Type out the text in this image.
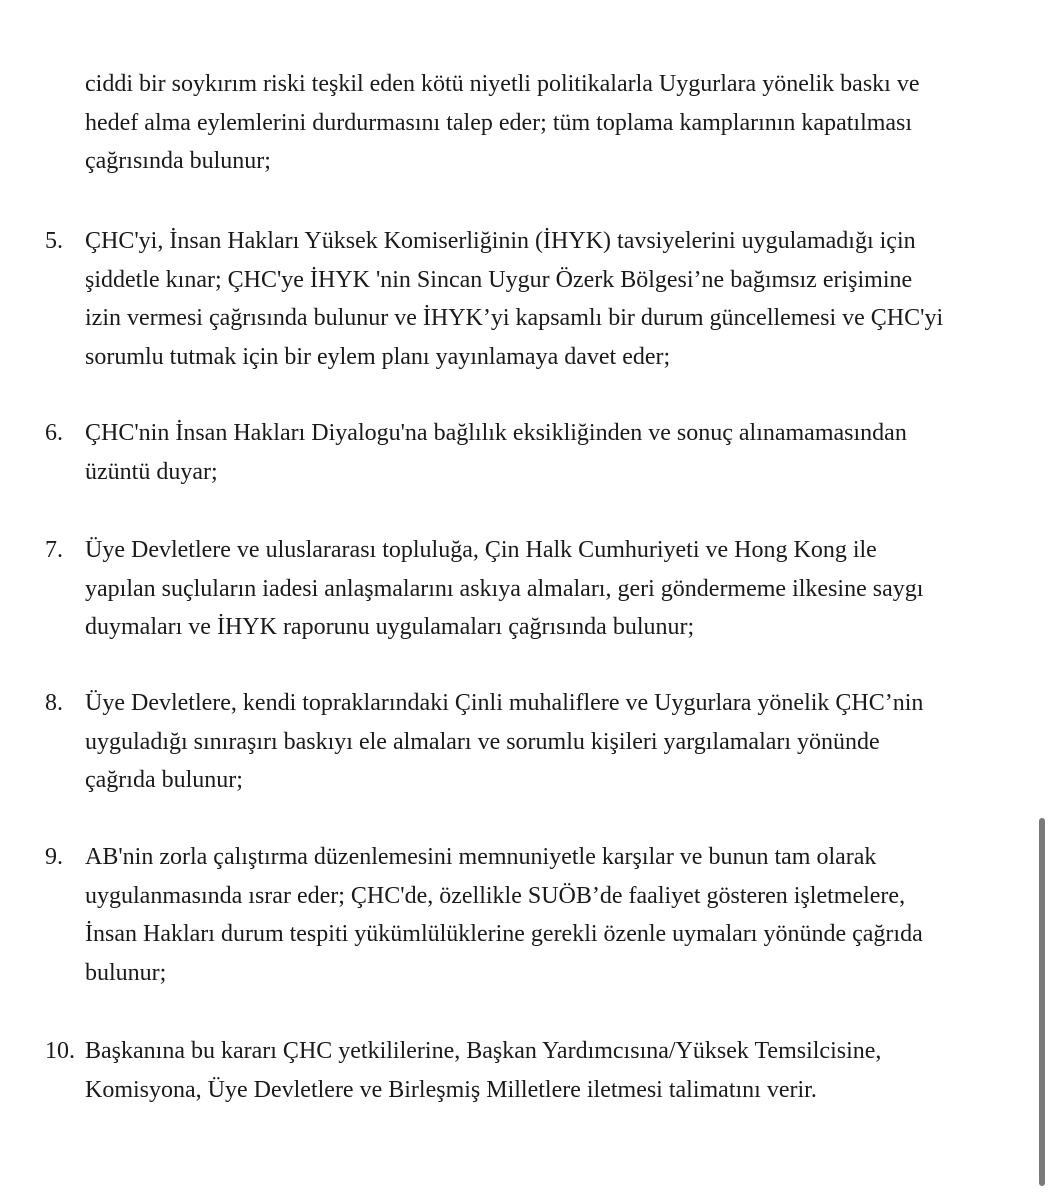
ciddi bir soykırım riski teşkil eden kötü niyetli politikalarla Uygurlara yönelik baskı ve
hedef alma eylemlerini durdurmasını talep eder; tüm toplama kamplarının kapatılması
çağrısında bulunur;

5. ÇHC'yi, İnsan Hakları Yüksek Komiserliğinin (İHYK) tavsiyelerini uygulamadığı için
şiddetle kınar; ÇHC'ye İHYK 'nin Sincan Uygur Özerk Bölgesi’ne bağımsız erişimine
izin vermesi çağrısında bulunur ve İHYK’yi kapsamlı bir durum güncellemesi ve ÇHC'yi
sorumlu tutmak için bir eylem planı yayınlamaya davet eder;

6. ÇHC'nin İnsan Hakları Diyalogu'na bağlılık eksikliğinden ve sonuç alınamamasından
üzüntü duyar;

7. Üye Devletlere ve uluslararası topluluğa, Çin Halk Cumhuriyeti ve Hong Kong ile
yapılan suçluların iadesi anlaşmalarını askıya almaları, geri göndermeme ilkesine saygı
duymaları ve İHYK raporunu uygulamaları çağrısında bulunur;

8. Üye Devletlere, kendi topraklarındaki Çinli muhaliflere ve Uygurlara yönelik ÇHC’nin
uyguladığı sınıraşırı baskıyı ele almaları ve sorumlu kişileri yargılamaları yönünde
çağrıda bulunur;

9. AB'nin zorla çalıştırma düzenlemesini memnuniyetle karşılar ve bunun tam olarak
uygulanmasında ısrar eder; ÇHC'de, özellikle SUÖB’de faaliyet gösteren işletmelere,
İnsan Hakları durum tespiti yükümlülüklerine gerekli özenle uymaları yönünde çağrıda
bulunur;

10. Başkanına bu kararı ÇHC yetkililerine, Başkan Yardımcısına/Yüksek Temsilcisine,
Komisyona, Üye Devletlere ve Birleşmiş Milletlere iletmesi talimatını verir.
